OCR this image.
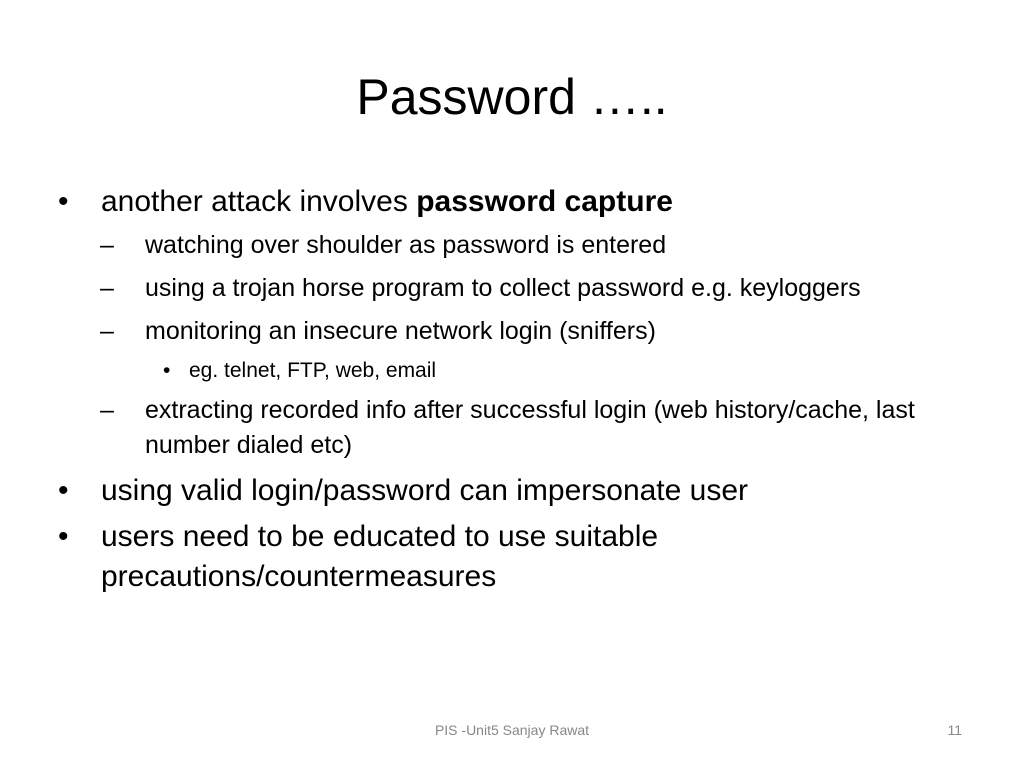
Password …..
•	another attack involves password capture
– watching over shoulder as password is entered
– using a trojan horse program to collect password e.g. keyloggers
– monitoring an insecure network login (sniffers)
• eg. telnet, FTP, web, email
– extracting recorded info after successful login (web history/cache, last number dialed etc)
•	using valid login/password can impersonate user
•	users need to be educated to use suitable precautions/countermeasures
PIS -Unit5 Sanjay Rawat	11
